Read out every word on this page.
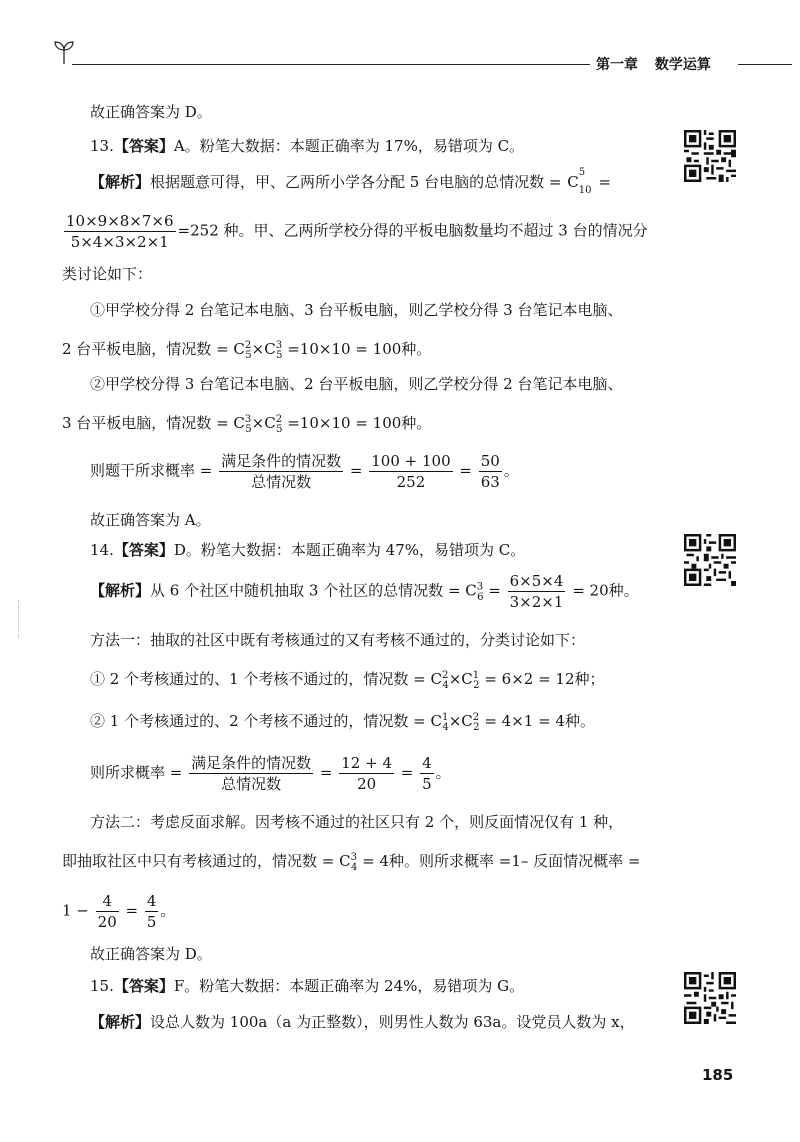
第一章 数学运算
故正确答案为 D。
13.【答案】A。粉笔大数据：本题正确率为 17%，易错项为 C。
【解析】根据题意可得，甲、乙两所小学各分配 5 台电脑的总情况数 = C
5
10 =
$\frac{10\times 9\times 8\times 7\times 6}{5\times 4\times 3\times 2\times 1} =252$ 种。甲、乙两所学校分得的平板电脑数量均不超过 3 台的情况分
类讨论如下：
①甲学校分得 2 台笔记本电脑、3 台平板电脑，则乙学校分得 3 台笔记本电脑、
2 台平板电脑，情况数 = $C^2_5\times C^3_5 =10\times 10 = 100$种。
②甲学校分得 3 台笔记本电脑、2 台平板电脑，则乙学校分得 2 台笔记本电脑、
3 台平板电脑，情况数 = $C^3_5\times C^2_5 =10\times 10 = 100$种。
则题干所求概率 = $\frac{\text{满足条件的情况数}}{\text{总情况数}} = \frac{100 + 100}{252} = \frac{50}{63}$ 。
故正确答案为 A。
14.【答案】D。粉笔大数据：本题正确率为 47%，易错项为 C。
【解析】从 6 个社区中随机抽取 3 个社区的总情况数 = $C^3_6 = \frac{6\times 5\times 4}{3\times 2\times 1} = 20$种。
方法一：抽取的社区中既有考核通过的又有考核不通过的，分类讨论如下：
① 2 个考核通过的、1 个考核不通过的，情况数 = $C^2_4\times C^1_2 = 6\times 2 = 12$种；
② 1 个考核通过的、2 个考核不通过的，情况数 = $C^1_4\times C^2_2 = 4\times 1 = 4$种。
则所求概率 = $\frac{\text{满足条件的情况数}}{\text{总情况数}} = \frac{12 + 4}{20} = \frac{4}{5}$ 。
方法二：考虑反面求解。因考核不通过的社区只有 2 个，则反面情况仅有 1 种，
即抽取社区中只有考核通过的，情况数 = $C^3_4 = 4$种。则所求概率 =1– 反面情况概率 =
$1 - \frac{4}{20} = \frac{4}{5}$ 。
故正确答案为 D。
15.【答案】F。粉笔大数据：本题正确率为 24%，易错项为 G。
【解析】设总人数为 100a（a 为正整数），则男性人数为 63a。设党员人数为 x，
185
